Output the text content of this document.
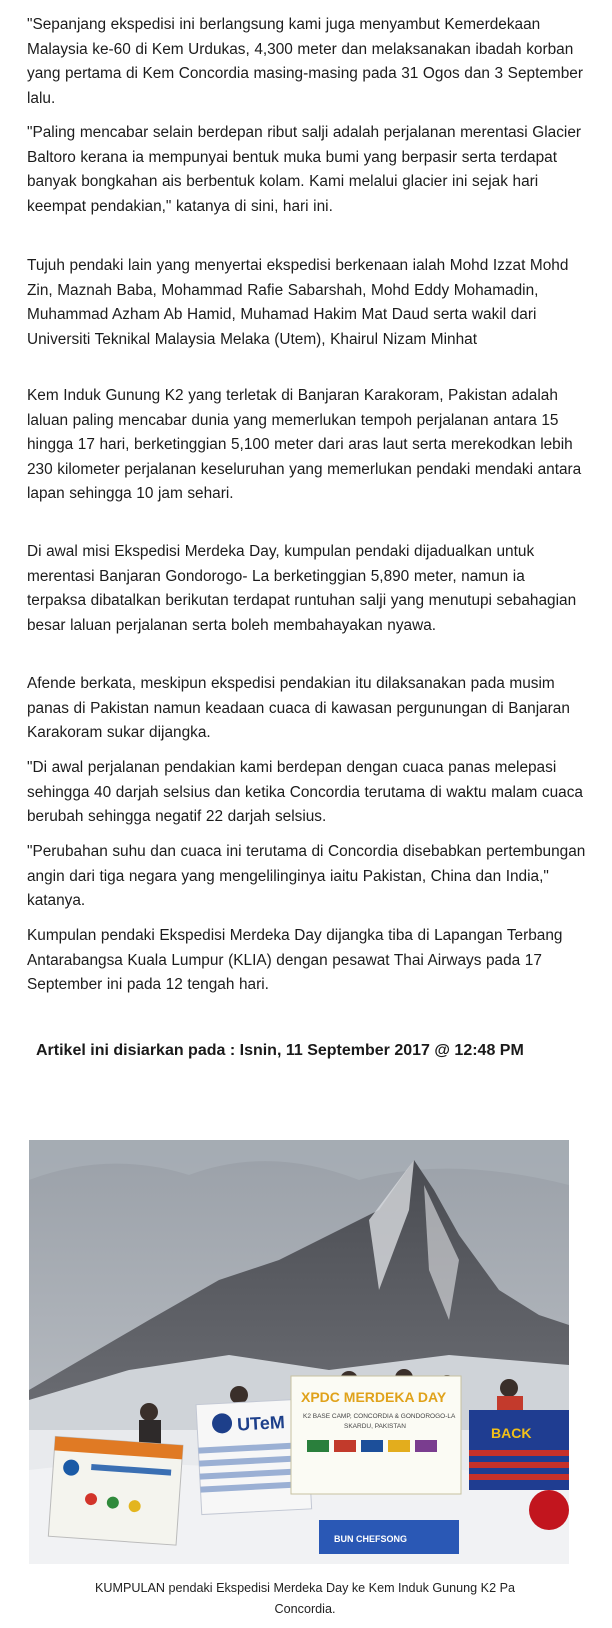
"Sepanjang ekspedisi ini berlangsung kami juga menyambut Kemerdekaan Malaysia ke-60 di Kem Urdukas, 4,300 meter dan melaksanakan ibadah korban yang pertama di Kem Concordia masing-masing pada 31 Ogos dan 3 September lalu.

"Paling mencabar selain berdepan ribut salji adalah perjalanan merentasi Glacier Baltoro kerana ia mempunyai bentuk muka bumi yang berpasir serta terdapat banyak bongkahan ais berbentuk kolam. Kami melalui glacier ini sejak hari keempat pendakian," katanya di sini, hari ini.

Tujuh pendaki lain yang menyertai ekspedisi berkenaan ialah Mohd Izzat Mohd Zin, Maznah Baba, Mohammad Rafie Sabarshah, Mohd Eddy Mohamadin, Muhammad Azham Ab Hamid, Muhamad Hakim Mat Daud serta wakil dari Universiti Teknikal Malaysia Melaka (Utem), Khairul Nizam Minhat

Kem Induk Gunung K2 yang terletak di Banjaran Karakoram, Pakistan adalah laluan paling mencabar dunia yang memerlukan tempoh perjalanan antara 15 hingga 17 hari, berketinggian 5,100 meter dari aras laut serta merekodkan lebih 230 kilometer perjalanan keseluruhan yang memerlukan pendaki mendaki antara lapan sehingga 10 jam sehari.

Di awal misi Ekspedisi Merdeka Day, kumpulan pendaki dijadualkan untuk merentasi Banjaran Gondorogo- La berketinggian 5,890 meter, namun ia terpaksa dibatalkan berikutan terdapat runtuhan salji yang menutupi sebahagian besar laluan perjalanan serta boleh membahayakan nyawa.

Afende berkata, meskipun ekspedisi pendakian itu dilaksanakan pada musim panas di Pakistan namun keadaan cuaca di kawasan pergunungan di Banjaran Karakoram sukar dijangka.

"Di awal perjalanan pendakian kami berdepan dengan cuaca panas melepasi sehingga 40 darjah selsius dan ketika Concordia terutama di waktu malam cuaca berubah sehingga negatif 22 darjah selsius.

"Perubahan suhu dan cuaca ini terutama di Concordia disebabkan pertembungan angin dari tiga negara yang mengelilinginya iaitu Pakistan, China dan India," katanya.

Kumpulan pendaki Ekspedisi Merdeka Day dijangka tiba di Lapangan Terbang Antarabangsa Kuala Lumpur (KLIA) dengan pesawat Thai Airways pada 17 September ini pada 12 tengah hari.

Artikel ini disiarkan pada : Isnin, 11 September 2017 @ 12:48 PM

UTeM
XPDC MERDEKA DAY
K2 BASE CAMP, CONCORDIA & GONDOROGO-LA
SKARDU, PAKISTAN	BACK
BUN CHEFSONG

KUMPULAN pendaki Ekspedisi Merdeka Day ke Kem Induk Gunung K2 Pa
Concordia.
